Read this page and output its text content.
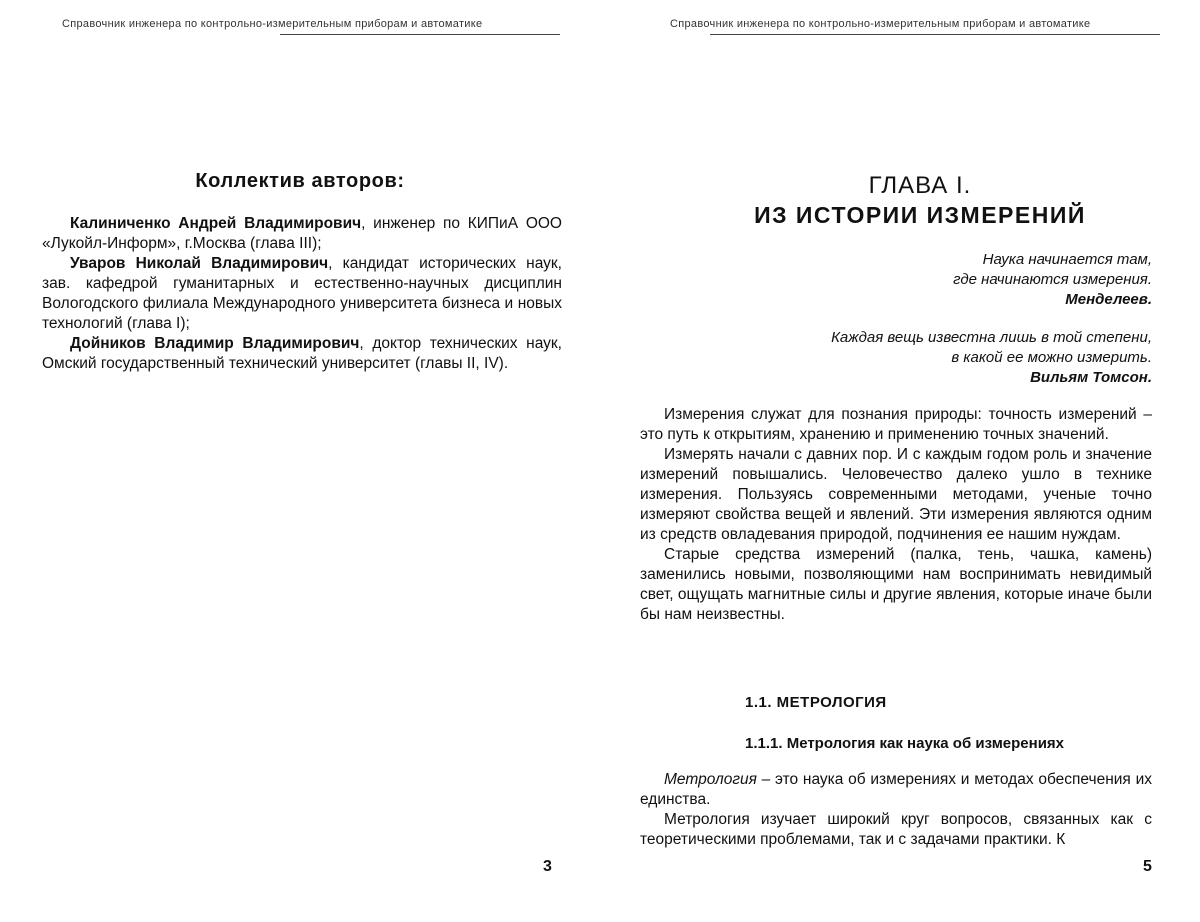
Справочник инженера по контрольно-измерительным приборам и автоматике
Коллектив авторов:

Калиниченко Андрей Владимирович, инженер по КИПиА ООО «Лукойл-Информ», г.Москва (глава III);

Уваров Николай Владимирович, кандидат исторических наук, зав. кафедрой гуманитарных и естественно-научных дисциплин Вологодского филиала Международного университета бизнеса и новых технологий (глава I);

Дойников Владимир Владимирович, доктор технических наук, Омский государственный технический университет (главы II, IV).

3
Справочник инженера по контрольно-измерительным приборам и автоматике
ГЛАВА I.
ИЗ ИСТОРИИ ИЗМЕРЕНИЙ
Наука начинается там,
где начинаются измерения.
Менделеев.
Каждая вещь известна лишь в той степени,
в какой ее можно измерить.
Вильям Томсон.

Измерения служат для познания природы: точность измерений – это путь к открытиям, хранению и применению точных значений.

Измерять начали с давних пор. И с каждым годом роль и значение измерений повышались. Человечество далеко ушло в технике измерения. Пользуясь современными методами, ученые точно измеряют свойства вещей и явлений. Эти измерения являются одним из средств овладевания природой, подчинения ее нашим нуждам.

Старые средства измерений (палка, тень, чашка, камень) заменились новыми, позволяющими нам воспринимать невидимый свет, ощущать магнитные силы и другие явления, которые иначе были бы нам неизвестны.

1.1. МЕТРОЛОГИЯ
1.1.1. Метрология как наука об измерениях

Метрология – это наука об измерениях и методах обеспечения их единства.

Метрология изучает широкий круг вопросов, связанных как с теоретическими проблемами, так и с задачами практики. К

5
